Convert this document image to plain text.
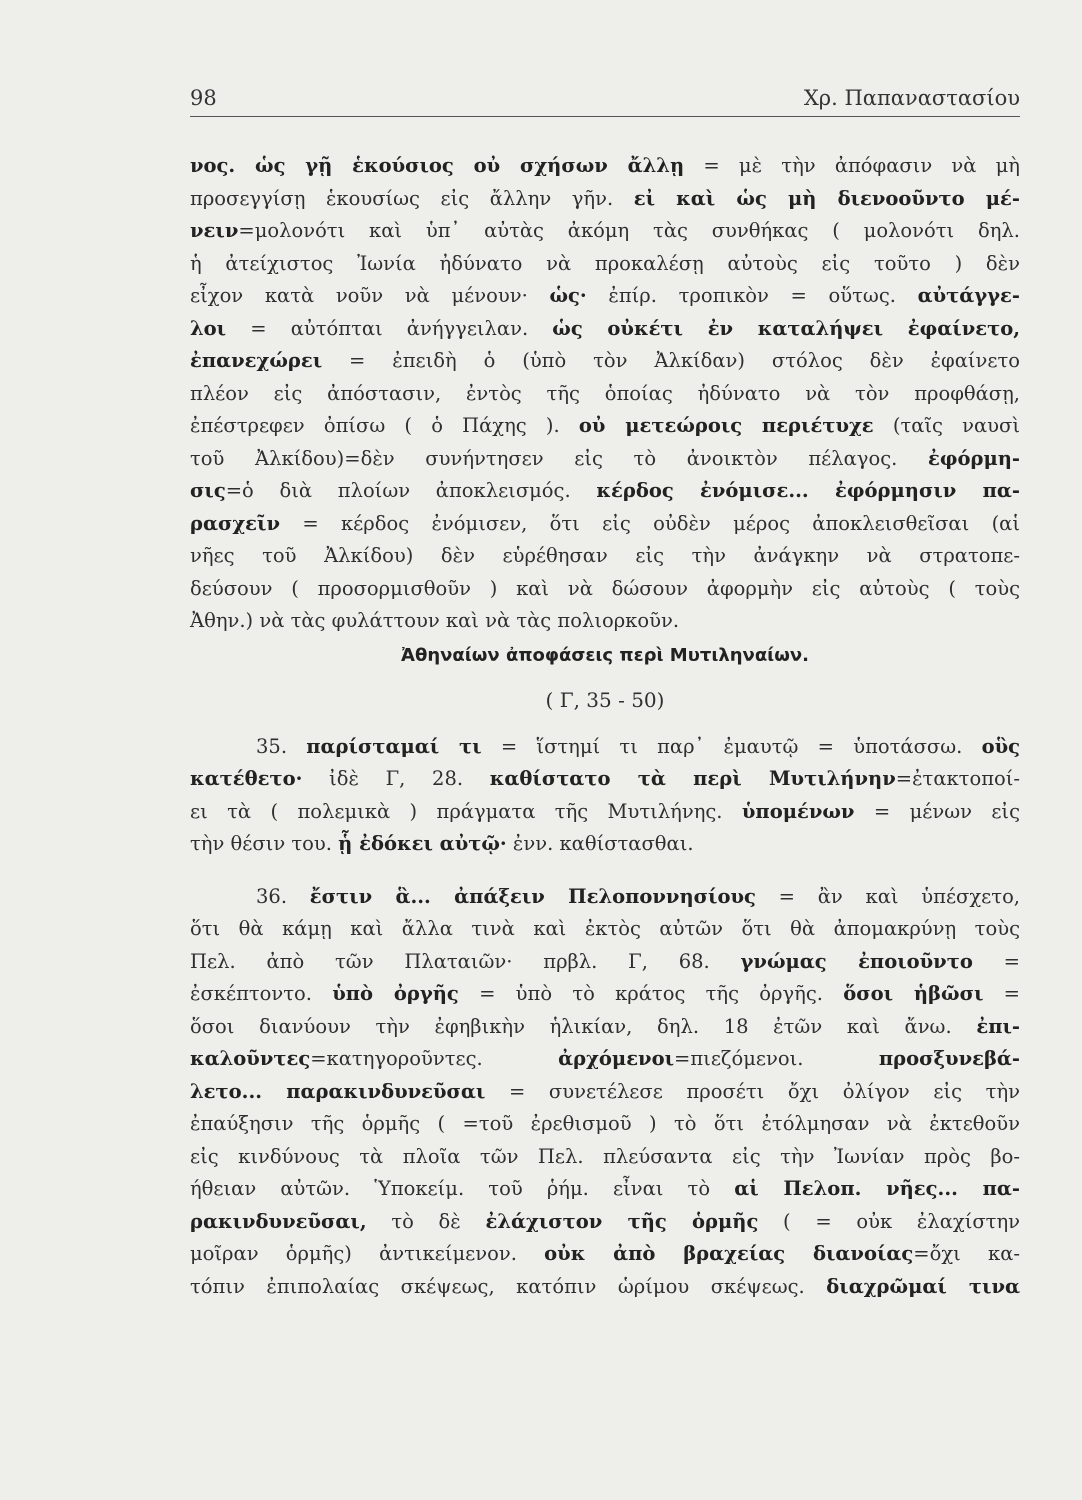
98	Χρ. Παπαναστασίου
νος. ὡς γῇ ἑκούσιος οὐ σχήσων ἄλλῃ = μὲ τὴν ἀπόφασιν νὰ μὴ
προσεγγίσῃ ἑκουσίως εἰς ἄλλην γῆν. εἰ καὶ ὡς μὴ διενοοῦντο μέ-
νειν=μολονότι καὶ ὑπ᾿ αὐτὰς ἀκόμη τὰς συνθήκας ( μολονότι δηλ.
ἡ ἀτείχιστος Ἰωνία ἠδύνατο νὰ προκαλέσῃ αὐτοὺς εἰς τοῦτο ) δὲν
εἶχον κατὰ νοῦν νὰ μένουν· ὡς· ἐπίρ. τροπικὸν = οὕτως. αὐτάγγε-
λοι = αὐτόπται ἀνήγγειλαν. ὡς οὐκέτι ἐν καταλήψει ἐφαίνετο,
ἐπανεχώρει = ἐπειδὴ ὁ (ὑπὸ τὸν Ἀλκίδαν) στόλος δὲν ἐφαίνετο
πλέον εἰς ἀπόστασιν, ἐντὸς τῆς ὁποίας ἠδύνατο νὰ τὸν προφθάσῃ,
ἐπέστρεφεν ὀπίσω ( ὁ Πάχης ). οὐ μετεώροις περιέτυχε (ταῖς ναυσὶ
τοῦ Ἀλκίδου)=δὲν συνήντησεν εἰς τὸ ἀνοικτὸν πέλαγος. ἐφόρμη-
σις=ὁ διὰ πλοίων ἀποκλεισμός. κέρδος ἐνόμισε... ἐφόρμησιν πα-
ρασχεῖν = κέρδος ἐνόμισεν, ὅτι εἰς οὐδὲν μέρος ἀποκλεισθεῖσαι (αἱ
νῆες τοῦ Ἀλκίδου) δὲν εὑρέθησαν εἰς τὴν ἀνάγκην νὰ στρατοπε-
δεύσουν ( προσορμισθοῦν ) καὶ νὰ δώσουν ἀφορμὴν εἰς αὐτοὺς ( τοὺς
Ἀθην.) νὰ τὰς φυλάττουν καὶ νὰ τὰς πολιορκοῦν.
Ἀθηναίων ἀποφάσεις περὶ Μυτιληναίων.
( Γ, 35 - 50)
35. παρίσταμαί τι = ἵστημί τι παρ᾿ ἐμαυτῷ = ὑποτάσσω. οὓς
κατέθετο· ἰδὲ Γ, 28. καθίστατο τὰ περὶ Μυτιλήνην=ἐτακτοποί-
ει τὰ ( πολεμικὰ ) πράγματα τῆς Μυτιλήνης. ὑπομένων = μένων εἰς
τὴν θέσιν του. ᾗ ἐδόκει αὐτῷ· ἐνν. καθίστασθαι.
36. ἔστιν ἃ... ἀπάξειν Πελοποννησίους = ἂν καὶ ὑπέσχετο,
ὅτι θὰ κάμῃ καὶ ἄλλα τινὰ καὶ ἐκτὸς αὐτῶν ὅτι θὰ ἀπομακρύνῃ τοὺς
Πελ. ἀπὸ τῶν Πλαταιῶν· πρβλ. Γ, 68. γνώμας ἐποιοῦντο =
ἐσκέπτοντο. ὑπὸ ὀργῆς = ὑπὸ τὸ κράτος τῆς ὀργῆς. ὅσοι ἡβῶσι =
ὅσοι διανύουν τὴν ἐφηβικὴν ἡλικίαν, δηλ. 18 ἐτῶν καὶ ἄνω. ἐπι-
καλοῦντες=κατηγοροῦντες. ἀρχόμενοι=πιεζόμενοι. προσξυνεβά-
λετο... παρακινδυνεῦσαι = συνετέλεσε προσέτι ὄχι ὀλίγον εἰς τὴν
ἐπαύξησιν τῆς ὁρμῆς ( =τοῦ ἐρεθισμοῦ ) τὸ ὅτι ἐτόλμησαν νὰ ἐκτεθοῦν
εἰς κινδύνους τὰ πλοῖα τῶν Πελ. πλεύσαντα εἰς τὴν Ἰωνίαν πρὸς βο-
ήθειαν αὐτῶν. Ὑποκείμ. τοῦ ῥήμ. εἶναι τὸ αἱ Πελοπ. νῆες... πα-
ρακινδυνεῦσαι, τὸ δὲ ἐλάχιστον τῆς ὁρμῆς ( = οὐκ ἐλαχίστην
μοῖραν ὁρμῆς) ἀντικείμενον. οὐκ ἀπὸ βραχείας διανοίας=ὄχι κα-
τόπιν ἐπιπολαίας σκέψεως, κατόπιν ὡρίμου σκέψεως. διαχρῶμαί τινα
